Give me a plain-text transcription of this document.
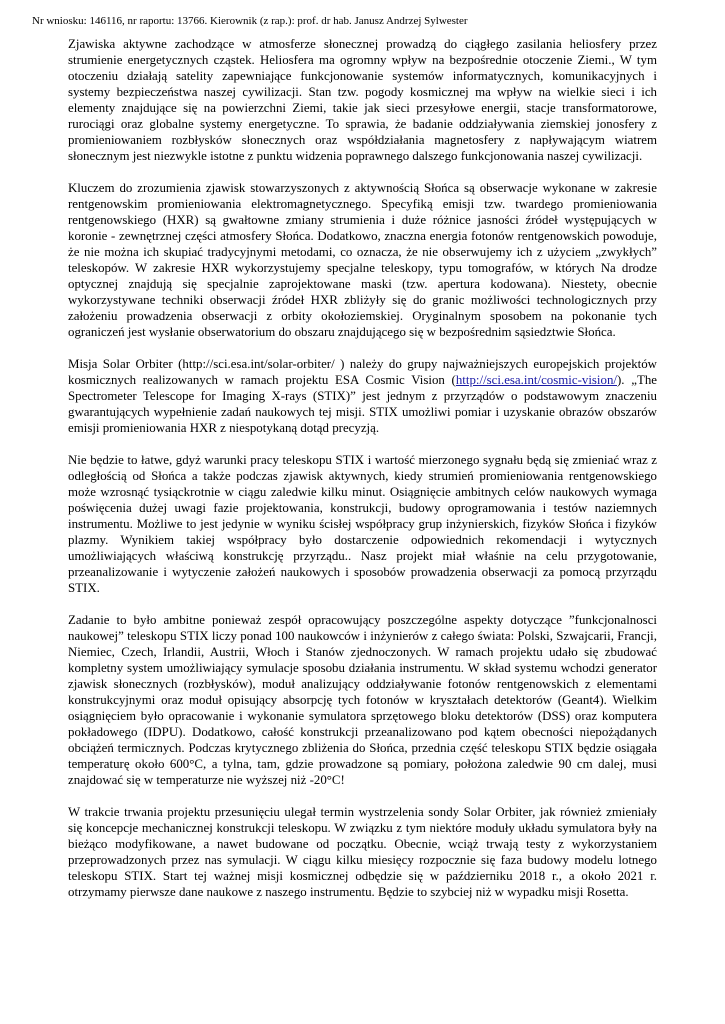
Nr wniosku: 146116, nr raportu: 13766. Kierownik (z rap.): prof. dr hab. Janusz Andrzej Sylwester

Zjawiska aktywne zachodzące w atmosferze słonecznej prowadzą do ciągłego zasilania heliosfery przez strumienie energetycznych cząstek. Heliosfera ma ogromny wpływ na bezpośrednie otoczenie Ziemi., W tym otoczeniu działają satelity zapewniające funkcjonowanie systemów informatycznych, komunikacyjnych i systemy bezpieczeństwa naszej cywilizacji. Stan tzw. pogody kosmicznej ma wpływ na wielkie sieci i ich elementy znajdujące się na powierzchni Ziemi, takie jak sieci przesyłowe energii, stacje transformatorowe, rurociągi oraz globalne systemy energetyczne. To sprawia, że badanie oddziaływania ziemskiej jonosfery z promieniowaniem rozbłysków słonecznych oraz współdziałania magnetosfery z napływającym wiatrem słonecznym jest niezwykle istotne z punktu widzenia poprawnego dalszego funkcjonowania naszej cywilizacji.

Kluczem do zrozumienia zjawisk stowarzyszonych z aktywnością Słońca są obserwacje wykonane w zakresie rentgenowskim promieniowania elektromagnetycznego. Specyfiką emisji tzw. twardego promieniowania rentgenowskiego (HXR) są gwałtowne zmiany strumienia i duże różnice jasności źródeł występujących w koronie - zewnętrznej części atmosfery Słońca. Dodatkowo, znaczna energia fotonów rentgenowskich powoduje, że nie można ich skupiać tradycyjnymi metodami, co oznacza, że nie obserwujemy ich z użyciem „zwykłych” teleskopów. W zakresie HXR wykorzystujemy specjalne teleskopy, typu tomografów, w których Na drodze optycznej znajdują się specjalnie zaprojektowane maski (tzw. apertura kodowana). Niestety, obecnie wykorzystywane techniki obserwacji źródeł HXR zbliżyły się do granic możliwości technologicznych przy założeniu prowadzenia obserwacji z orbity okołoziemskiej. Oryginalnym sposobem na pokonanie tych ograniczeń jest wysłanie obserwatorium do obszaru znajdującego się w bezpośrednim sąsiedztwie Słońca.

Misja Solar Orbiter (http://sci.esa.int/solar-orbiter/ ) należy do grupy najważniejszych europejskich projektów kosmicznych realizowanych w ramach projektu ESA Cosmic Vision (http://sci.esa.int/cosmic-vision/). „The Spectrometer Telescope for Imaging X-rays (STIX)” jest jednym z przyrządów o podstawowym znaczeniu gwarantujących wypełnienie zadań naukowych tej misji. STIX umożliwi pomiar i uzyskanie obrazów obszarów emisji promieniowania HXR z niespotykaną dotąd precyzją.

Nie będzie to łatwe, gdyż warunki pracy teleskopu STIX i wartość mierzonego sygnału będą się zmieniać wraz z odległością od Słońca a także podczas zjawisk aktywnych, kiedy strumień promieniowania rentgenowskiego może wzrosnąć tysiąckrotnie w ciągu zaledwie kilku minut. Osiągnięcie ambitnych celów naukowych wymaga poświęcenia dużej uwagi fazie projektowania, konstrukcji, budowy oprogramowania i testów naziemnych instrumentu. Możliwe to jest jedynie w wyniku ścisłej współpracy grup inżynierskich, fizyków Słońca i fizyków plazmy. Wynikiem takiej współpracy było dostarczenie odpowiednich rekomendacji i wytycznych umożliwiających właściwą konstrukcję przyrządu.. Nasz projekt miał właśnie na celu przygotowanie, przeanalizowanie i wytyczenie założeń naukowych i sposobów prowadzenia obserwacji za pomocą przyrządu STIX.

Zadanie to było ambitne ponieważ zespół opracowujący poszczególne aspekty dotyczące ”funkcjonalnosci naukowej” teleskopu STIX liczy ponad 100 naukowców i inżynierów z całego świata: Polski, Szwajcarii, Francji, Niemiec, Czech, Irlandii, Austrii, Włoch i Stanów zjednoczonych. W ramach projektu udało się zbudować kompletny system umożliwiający symulacje sposobu działania instrumentu. W skład systemu wchodzi generator zjawisk słonecznych (rozbłysków), moduł analizujący oddziaływanie fotonów rentgenowskich z elementami konstrukcyjnymi oraz moduł opisujący absorpcję tych fotonów w kryształach detektorów (Geant4). Wielkim osiągnięciem było opracowanie i wykonanie symulatora sprzętowego bloku detektorów (DSS) oraz komputera pokładowego (IDPU). Dodatkowo, całość konstrukcji przeanalizowano pod kątem obecności niepożądanych obciążeń termicznych. Podczas krytycznego zbliżenia do Słońca, przednia część teleskopu STIX będzie osiągała temperaturę około 600°C, a tylna, tam, gdzie prowadzone są pomiary, położona zaledwie 90 cm dalej, musi znajdować się w temperaturze nie wyższej niż -20°C!

W trakcie trwania projektu przesunięciu ulegał termin wystrzelenia sondy Solar Orbiter, jak również zmieniały się koncepcje mechanicznej konstrukcji teleskopu. W związku z tym niektóre moduły układu symulatora były na bieżąco modyfikowane, a nawet budowane od początku. Obecnie, wciąż trwają testy z wykorzystaniem przeprowadzonych przez nas symulacji. W ciągu kilku miesięcy rozpocznie się faza budowy modelu lotnego teleskopu STIX. Start tej ważnej misji kosmicznej odbędzie się w październiku 2018 r., a około 2021 r. otrzymamy pierwsze dane naukowe z naszego instrumentu. Będzie to szybciej niż w wypadku misji Rosetta.
